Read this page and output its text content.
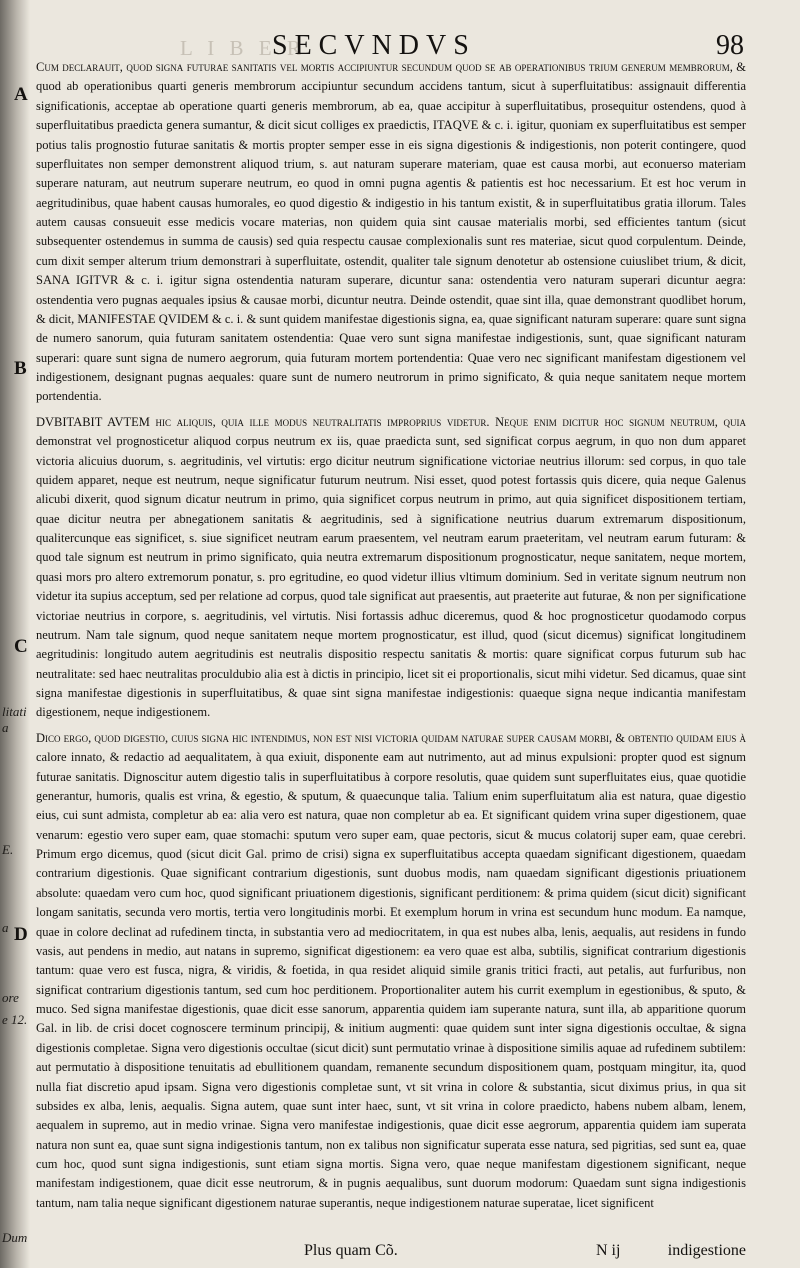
litati
a
E.
a
ore
e 12.
Dum
L I B E R
SECVNDVS	98
A
B
C
D

Cum declarauit, quod signa futurae sanitatis vel mortis accipiuntur secundum quod se ab operationibus trium generum membrorum, & quod ab operationibus quarti generis membrorum accipiuntur secundum accidens tantum, sicut à superfluitatibus: assignauit differentia significationis, acceptae ab operatione quarti generis membrorum, ab ea, quae accipitur à superfluitatibus, prosequitur ostendens, quod à superfluitatibus praedicta genera sumantur, & dicit sicut colliges ex praedictis, ITAQVE & c. i. igitur, quoniam ex superfluitatibus est semper potius talis prognostio futurae sanitatis & mortis propter semper esse in eis signa digestionis & indigestionis, non poterit contingere, quod superfluitates non semper demonstrent aliquod trium, s. aut naturam superare materiam, quae est causa morbi, aut econuerso materiam superare naturam, aut neutrum superare neutrum, eo quod in omni pugna agentis & patientis est hoc necessarium. Et est hoc verum in aegritudinibus, quae habent causas humorales, eo quod digestio & indigestio in his tantum existit, & in superfluitatibus gratia illorum. Tales autem causas consueuit esse medicis vocare materias, non quidem quia sint causae materialis morbi, sed efficientes tantum (sicut subsequenter ostendemus in summa de causis) sed quia respectu causae complexionalis sunt res materiae, sicut quod corpulentum. Deinde, cum dixit semper alterum trium demonstrari à superfluitate, ostendit, qualiter tale signum denotetur ab ostensione cuiuslibet trium, & dicit, SANA IGITVR & c. i. igitur signa ostendentia naturam superare, dicuntur sana: ostendentia vero naturam superari dicuntur aegra: ostendentia vero pugnas aequales ipsius & causae morbi, dicuntur neutra. Deinde ostendit, quae sint illa, quae demonstrant quodlibet horum, & dicit, MANIFESTAE QVIDEM & c. i. & sunt quidem manifestae digestionis signa, ea, quae significant naturam superare: quare sunt signa de numero sanorum, quia futuram sanitatem ostendentia: Quae vero sunt signa manifestae indigestionis, sunt, quae significant naturam superari: quare sunt signa de numero aegrorum, quia futuram mortem portendentia: Quae vero nec significant manifestam digestionem vel indigestionem, designant pugnas aequales: quare sunt de numero neutrorum in primo significato, & quia neque sanitatem neque mortem portendentia.

DVBITABIT AVTEM hic aliquis, quia ille modus neutralitatis improprius videtur. Neque enim dicitur hoc signum neutrum, quia demonstrat vel prognosticetur aliquod corpus neutrum ex iis, quae praedicta sunt, sed significat corpus aegrum, in quo non dum apparet victoria alicuius duorum, s. aegritudinis, vel virtutis: ergo dicitur neutrum significatione victoriae neutrius illorum: sed corpus, in quo tale quidem apparet, neque est neutrum, neque significatur futurum neutrum. Nisi esset, quod potest fortassis quis dicere, quia neque Galenus alicubi dixerit, quod signum dicatur neutrum in primo, quia significet corpus neutrum in primo, aut quia significet dispositionem tertiam, quae dicitur neutra per abnegationem sanitatis & aegritudinis, sed à significatione neutrius duarum extremarum dispositionum, qualitercunque eas significet, s. siue significet neutram earum praesentem, vel neutram earum praeteritam, vel neutram earum futuram: & quod tale signum est neutrum in primo significato, quia neutra extremarum dispositionum prognosticatur, neque sanitatem, neque mortem, quasi mors pro altero extremorum ponatur, s. pro egritudine, eo quod videtur illius vltimum dominium. Sed in veritate signum neutrum non videtur ita supius acceptum, sed per relatione ad corpus, quod tale significat aut praesentis, aut praeterite aut futurae, & non per significatione victoriae neutrius in corpore, s. aegritudinis, vel virtutis. Nisi fortassis adhuc diceremus, quod & hoc prognosticetur quodamodo corpus neutrum. Nam tale signum, quod neque sanitatem neque mortem prognosticatur, est illud, quod (sicut dicemus) significat longitudinem aegritudinis: longitudo autem aegritudinis est neutralis dispositio respectu sanitatis & mortis: quare significat corpus futurum sub hac neutralitate: sed haec neutralitas proculdubio alia est à dictis in principio, licet sit ei proportionalis, sicut mihi videtur. Sed dicamus, quae sint signa manifestae digestionis in superfluitatibus, & quae sint signa manifestae indigestionis: quaeque signa neque indicantia manifestam digestionem, neque indigestionem.

Dico ergo, quod digestio, cuius signa hic intendimus, non est nisi victoria quidam naturae super causam morbi, & obtentio quidam eius à calore innato, & redactio ad aequalitatem, à qua exiuit, disponente eam aut nutrimento, aut ad minus expulsioni: propter quod est signum futurae sanitatis. Dignoscitur autem digestio talis in superfluitatibus à corpore resolutis, quae quidem sunt superfluitates eius, quae quotidie generantur, humoris, qualis est vrina, & egestio, & sputum, & quaecunque talia. Talium enim superfluitatum alia est natura, quae digestio eius, cui sunt admista, completur ab ea: alia vero est natura, quae non completur ab ea. Et significant quidem vrina super digestionem, quae venarum: egestio vero super eam, quae stomachi: sputum vero super eam, quae pectoris, sicut & mucus colatorij super eam, quae cerebri. Primum ergo dicemus, quod (sicut dicit Gal. primo de crisi) signa ex superfluitatibus accepta quaedam significant digestionem, quaedam contrarium digestionis. Quae significant contrarium digestionis, sunt duobus modis, nam quaedam significant digestionis priuationem absolute: quaedam vero cum hoc, quod significant priuationem digestionis, significant perditionem: & prima quidem (sicut dicit) significant longam sanitatis, secunda vero mortis, tertia vero longitudinis morbi. Et exemplum horum in vrina est secundum hunc modum. Ea namque, quae in colore declinat ad rufedinem tincta, in substantia vero ad mediocritatem, in qua est nubes alba, lenis, aequalis, aut residens in fundo vasis, aut pendens in medio, aut natans in supremo, significat digestionem: ea vero quae est alba, subtilis, significat contrarium digestionis tantum: quae vero est fusca, nigra, & viridis, & foetida, in qua residet aliquid simile granis tritici fracti, aut petalis, aut furfuribus, non significat contrarium digestionis tantum, sed cum hoc perditionem. Proportionaliter autem his currit exemplum in egestionibus, & sputo, & muco. Sed signa manifestae digestionis, quae dicit esse sanorum, apparentia quidem iam superante natura, sunt illa, ab apparitione quorum Gal. in lib. de crisi docet cognoscere terminum principij, & initium augmenti: quae quidem sunt inter signa digestionis occultae, & signa digestionis completae. Signa vero digestionis occultae (sicut dicit) sunt permutatio vrinae à dispositione similis aquae ad rufedinem subtilem: aut permutatio à dispositione tenuitatis ad ebullitionem quandam, remanente secundum dispositionem quam, postquam mingitur, ita, quod nulla fiat discretio apud ipsam. Signa vero digestionis completae sunt, vt sit vrina in colore & substantia, sicut diximus prius, in qua sit subsides ex alba, lenis, aequalis. Signa autem, quae sunt inter haec, sunt, vt sit vrina in colore praedicto, habens nubem albam, lenem, aequalem in supremo, aut in medio vrinae. Signa vero manifestae indigestionis, quae dicit esse aegrorum, apparentia quidem iam superata natura non sunt ea, quae sunt signa indigestionis tantum, non ex talibus non significatur superata esse natura, sed pigritias, sed sunt ea, quae cum hoc, quod sunt signa indigestionis, sunt etiam signa mortis. Signa vero, quae neque manifestam digestionem significant, neque manifestam indigestionem, quae dicit esse neutrorum, & in pugnis aequalibus, sunt duorum modorum: Quaedam sunt signa indigestionis tantum, nam talia neque significant digestionem naturae superantis, neque indigestionem naturae superatae, licet significent

Plus quam Cõ.	N ij	indigestione
